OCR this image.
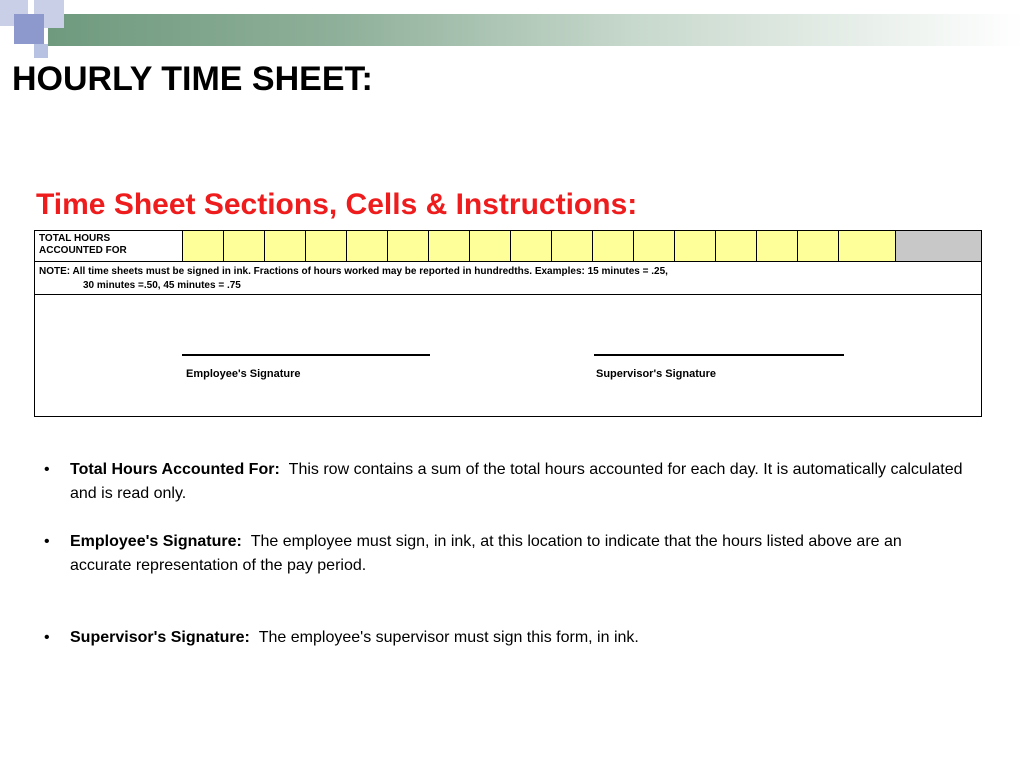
HOURLY TIME SHEET:
Time Sheet Sections, Cells & Instructions:
TOTAL HOURS
ACCOUNTED FOR
NOTE: All time sheets must be signed in ink. Fractions of hours worked may be reported in hundredths. Examples: 15 minutes = .25,
30 minutes =.50, 45 minutes = .75
Employee's Signature	Supervisor's Signature
• Total Hours Accounted For: This row contains a sum of the total hours accounted for each day. It is automatically calculated and is read only.
• Employee's Signature: The employee must sign, in ink, at this location to indicate that the hours listed above are an accurate representation of the pay period.
• Supervisor's Signature: The employee's supervisor must sign this form, in ink.
